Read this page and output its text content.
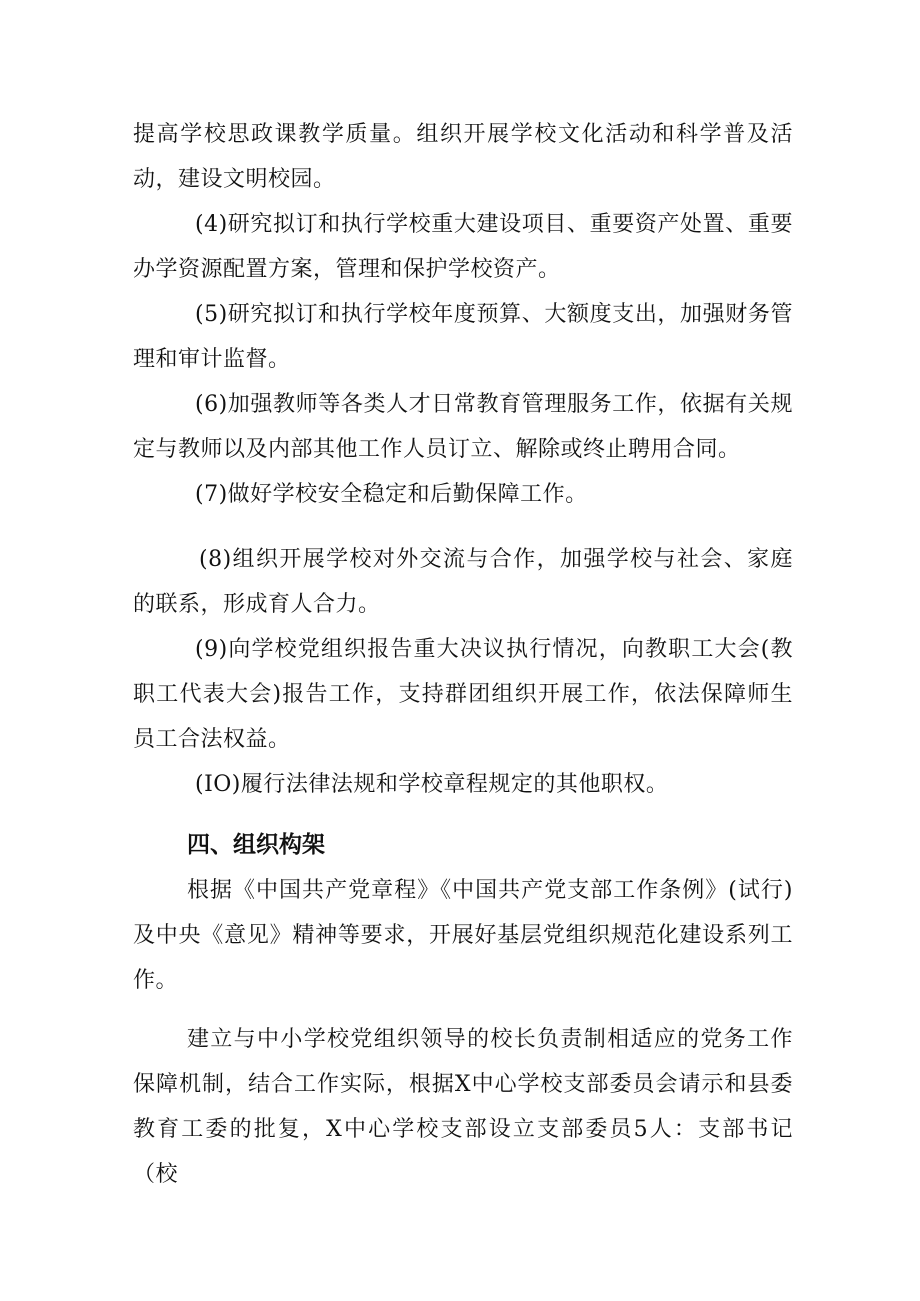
提高学校思政课教学质量。组织开展学校文化活动和科学普及活动，建设文明校园。

(4)研究拟订和执行学校重大建设项目、重要资产处置、重要办学资源配置方案，管理和保护学校资产。

(5)研究拟订和执行学校年度预算、大额度支出，加强财务管理和审计监督。

(6)加强教师等各类人才日常教育管理服务工作，依据有关规定与教师以及内部其他工作人员订立、解除或终止聘用合同。

(7)做好学校安全稳定和后勤保障工作。

(8)组织开展学校对外交流与合作，加强学校与社会、家庭的联系，形成育人合力。

(9)向学校党组织报告重大决议执行情况，向教职工大会(教职工代表大会)报告工作，支持群团组织开展工作，依法保障师生员工合法权益。

(IO)履行法律法规和学校章程规定的其他职权。

四、组织构架

根据《中国共产党章程》《中国共产党支部工作条例》(试行)及中央《意见》精神等要求，开展好基层党组织规范化建设系列工作。

建立与中小学校党组织领导的校长负责制相适应的党务工作保障机制，结合工作实际，根据X中心学校支部委员会请示和县委教育工委的批复，X中心学校支部设立支部委员5人：支部书记（校
